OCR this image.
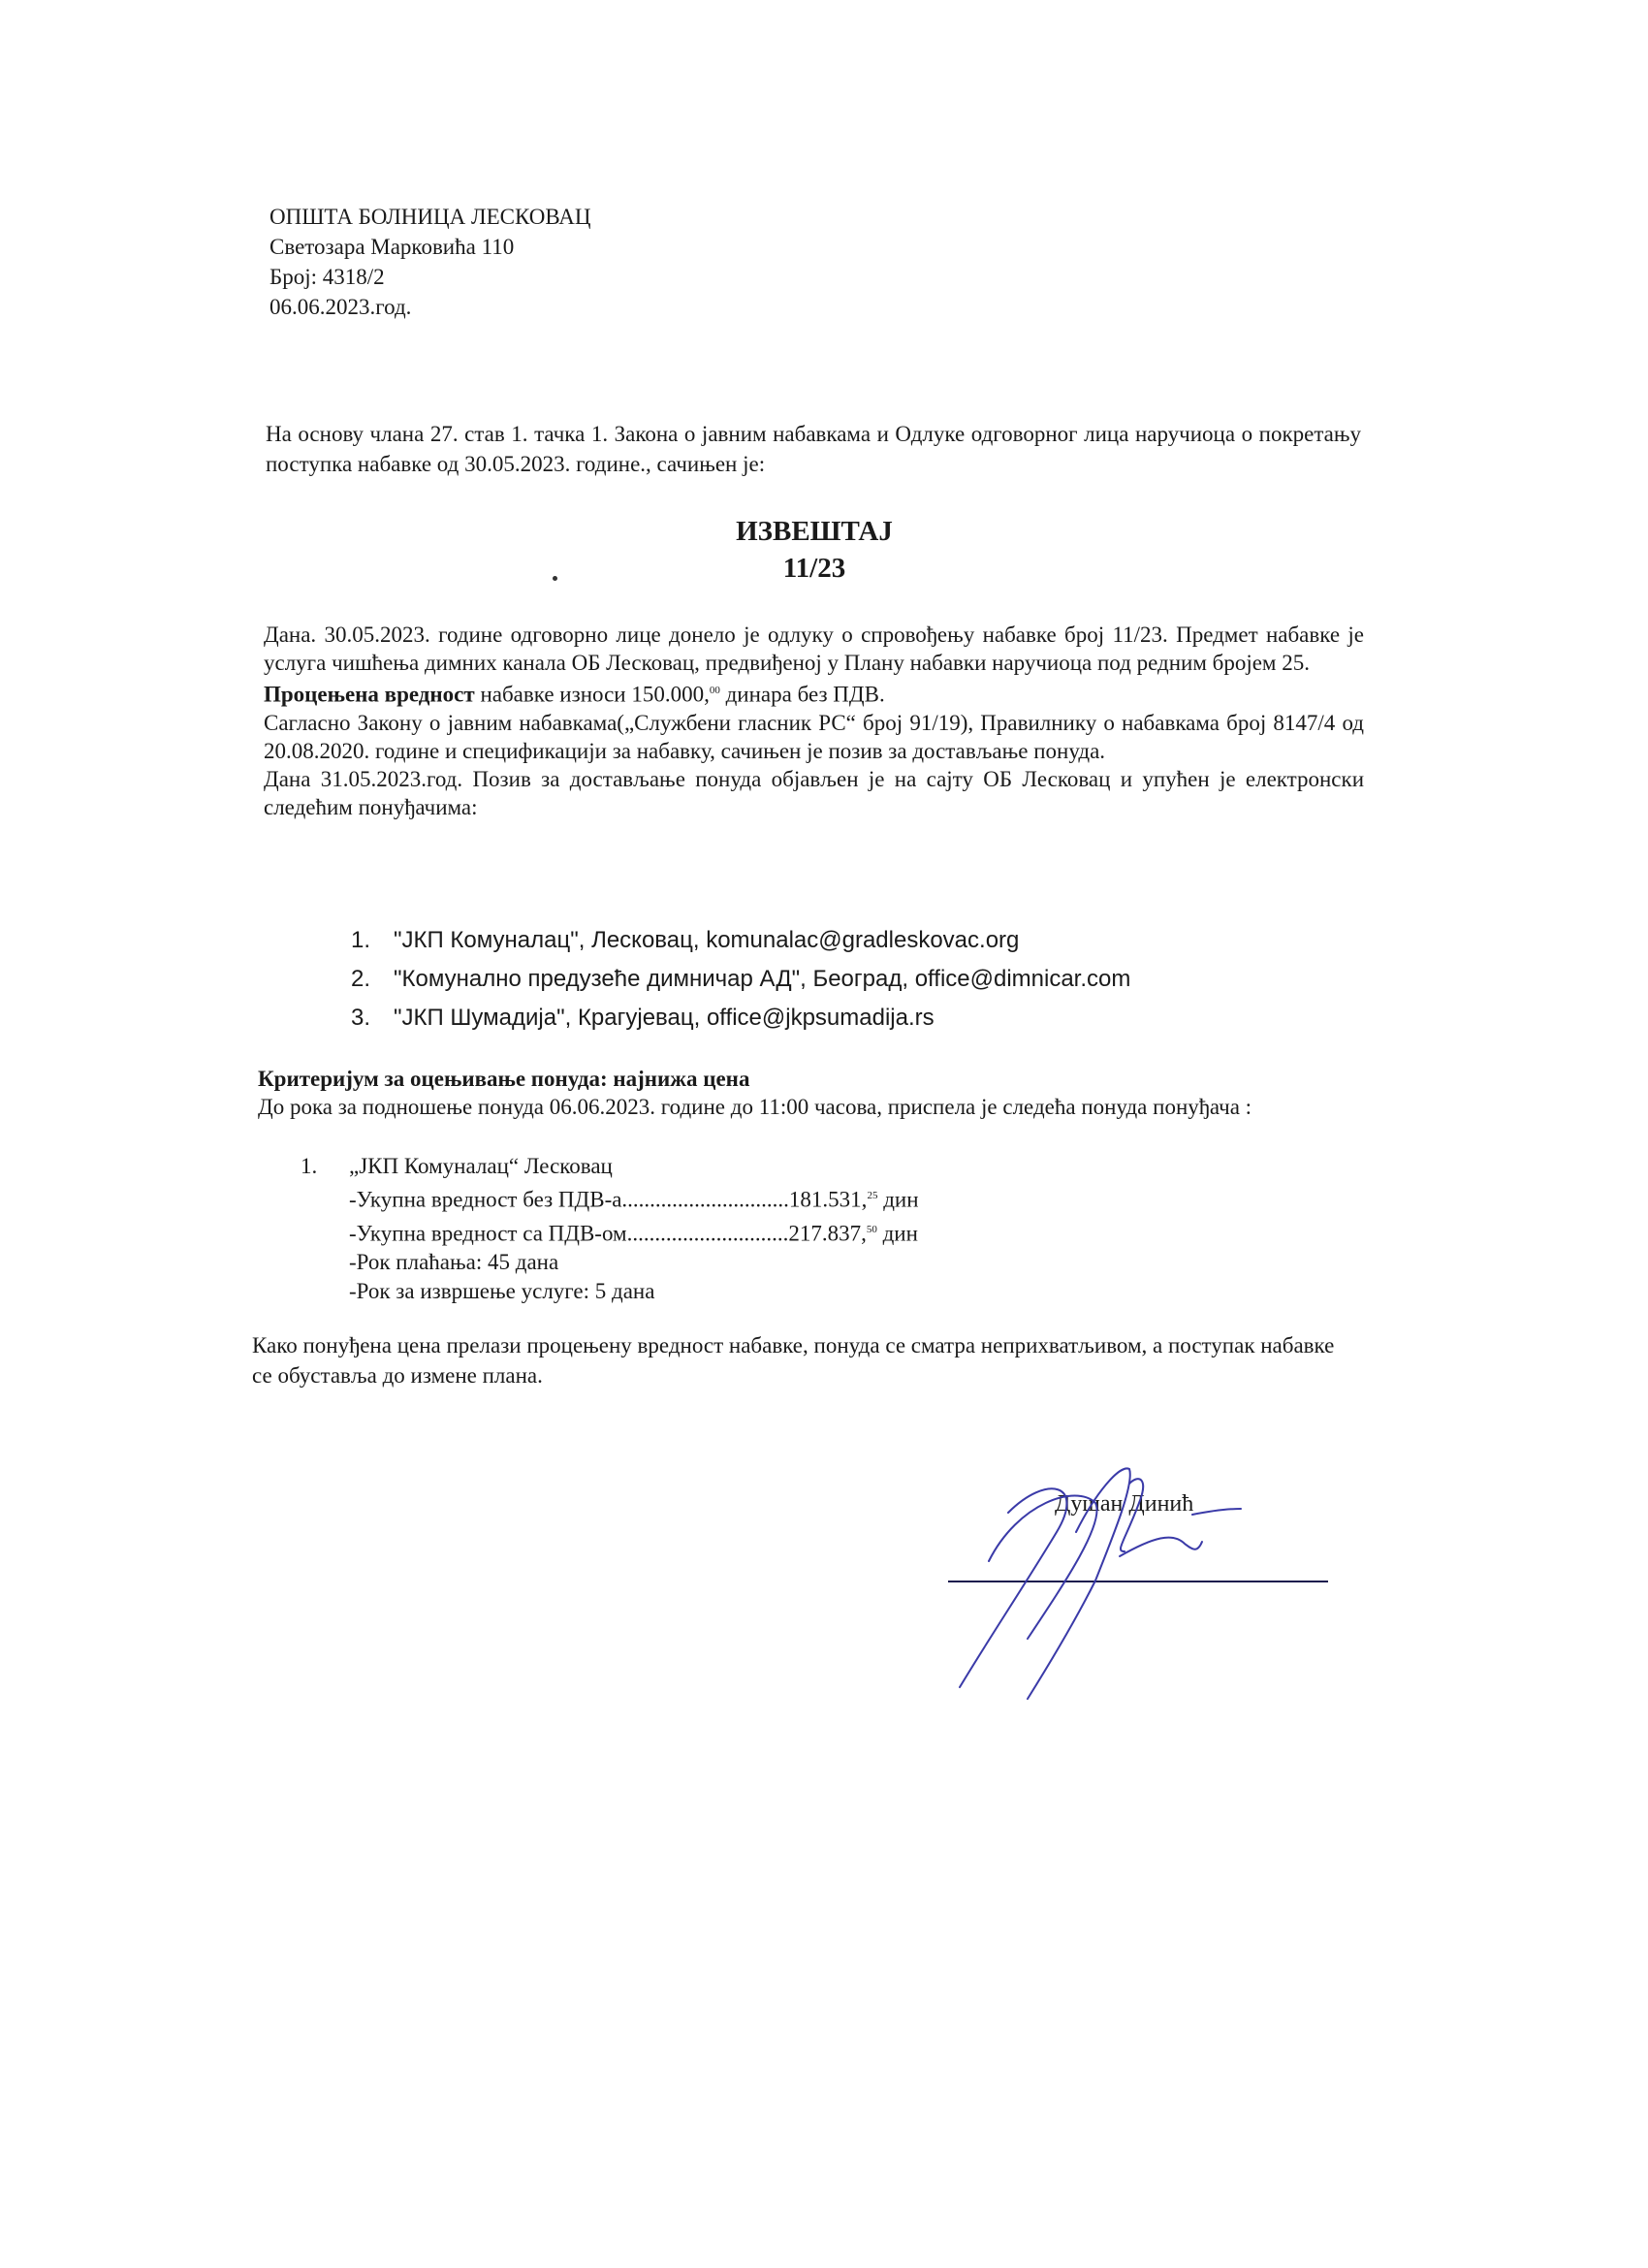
ОПШТА БОЛНИЦА ЛЕСКОВАЦ
Светозара Марковића 110
Број: 4318/2
06.06.2023.год.
На основу члана 27. став 1. тачка 1. Закона о јавним набавкама и Одлуке одговорног лица наручиоца о покретању поступка набавке од 30.05.2023. године., сачињен је:
ИЗВЕШТАЈ
11/23

Дана. 30.05.2023. године одговорно лице донело је одлуку о спровођењу набавке број 11/23. Предмет набавке је услуга чишћења димних канала ОБ Лесковац, предвиђеној у Плану набавки наручиоца под редним бројем 25.

Процењена вредност набавке износи 150.000,00 динара без ПДВ.

Сагласно Закону о јавним набавкама(„Службени гласник РС“ број 91/19), Правилнику о набавкама број 8147/4 од 20.08.2020. године и спецификацији за набавку, сачињен је позив за достављање понуда.

Дана 31.05.2023.год. Позив за достављање понуда објављен је на сајту ОБ Лесковац и упућен је електронски следећим понуђачима:

1. "ЈКП Комуналац", Лесковац, komunalac@gradleskovac.org
2. "Комунално предузеће димничар АД", Београд, office@dimnicar.com
3. "ЈКП Шумадија", Крагујевац, office@jkpsumadija.rs

Критеријум за оцењивање понуда: најнижа цена

До рока за подношење понуда 06.06.2023. године до 11:00 часова, приспела је следећа понуда понуђача :

1. „ЈКП Комуналац“ Лесковац
-Укупна вредност без ПДВ-а..............................181.531,25 дин
-Укупна вредност са ПДВ-ом.............................217.837,50 дин
-Рок плаћања: 45 дана
-Рок за извршење услуге: 5 дана
Како понуђена цена прелази процењену вредност набавке, понуда се сматра неприхватљивом, а поступак набавке се обуставља до измене плана.
Душан Динић
